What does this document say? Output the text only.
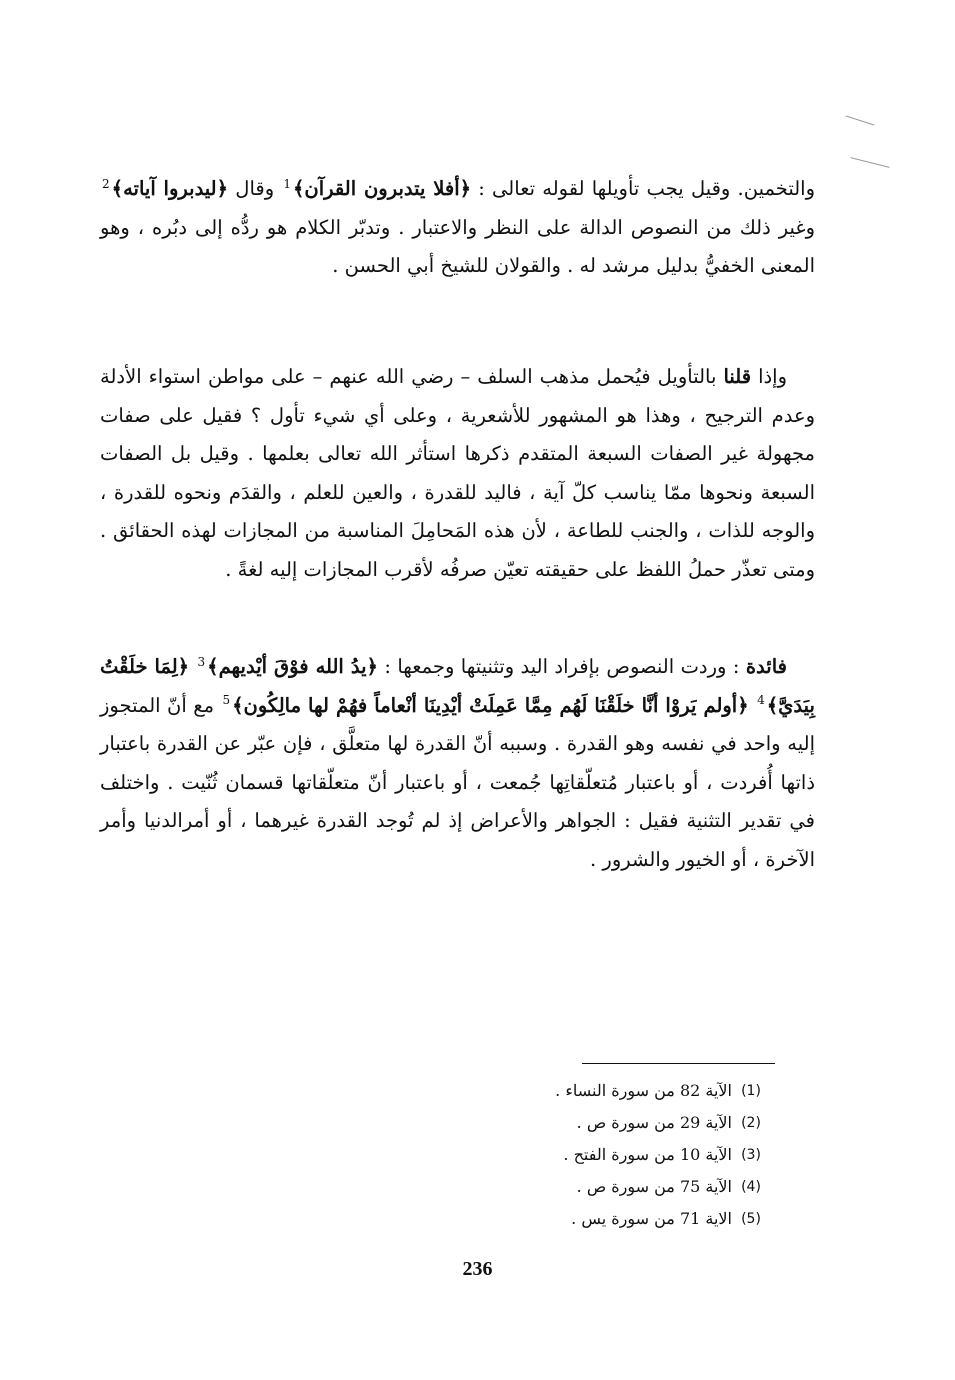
والتخمين. وقيل يجب تأويلها لقوله تعالى : ﴿أفلا يتدبرون القرآن﴾$^1$ وقال ﴿ليدبروا آياته﴾$^2$ وغير ذلك من النصوص الدالة على النظر والاعتبار . وتدبّر الكلام هو ردُّه إلى دبُره ، وهو المعنى الخفيُّ بدليل مرشد له . والقولان للشيخ أبي الحسن .

وإذا قلنا بالتأويل فيُحمل مذهب السلف – رضي الله عنهم – على مواطن استواء الأدلة وعدم الترجيح ، وهذا هو المشهور للأشعرية ، وعلى أي شيء تأول ؟ فقيل على صفات مجهولة غير الصفات السبعة المتقدم ذكرها استأثر الله تعالى بعلمها . وقيل بل الصفات السبعة ونحوها ممّا يناسب كلّ آية ، فاليد للقدرة ، والعين للعلم ، والقدَم ونحوه للقدرة ، والوجه للذات ، والجنب للطاعة ، لأن هذه المَحامِلَ المناسبة من المجازات لهذه الحقائق . ومتى تعذّر حملُ اللفظ على حقيقته تعيّن صرفُه لأقرب المجازات إليه لغةً .

فائدة : وردت النصوص بإفراد اليد وتثنيتها وجمعها : ﴿يدُ الله فوْقَ أيْديهم﴾$^3$ ﴿لِمَا خلَقْتُ بِيَدَيَّ﴾$^4$ ﴿أولم يَروْا أنَّا خلَقْنَا لَهُم مِمَّا عَمِلَتْ أيْدِينَا أنْعاماً فهُمْ لها مالِكُون﴾$^5$ مع أنّ المتجوز إليه واحد في نفسه وهو القدرة . وسببه أنّ القدرة لها متعلَّق ، فإن عبّر عن القدرة باعتبار ذاتها أُفردت ، أو باعتبار مُتعلّقاتِها جُمعت ، أو باعتبار أنّ متعلّقاتها قسمان ثُنّيت . واختلف في تقدير التثنية فقيل : الجواهر والأعراض إذ لم تُوجد القدرة غيرهما ، أو أمرالدنيا وأمر الآخرة ، أو الخيور والشرور .

(1)
الآية 82 من سورة النساء .
(2)
الآية 29 من سورة ص .
(3)
الآية 10 من سورة الفتح .
(4)
الآية 75 من سورة ص .
(5)
الاية 71 من سورة يس .
236
